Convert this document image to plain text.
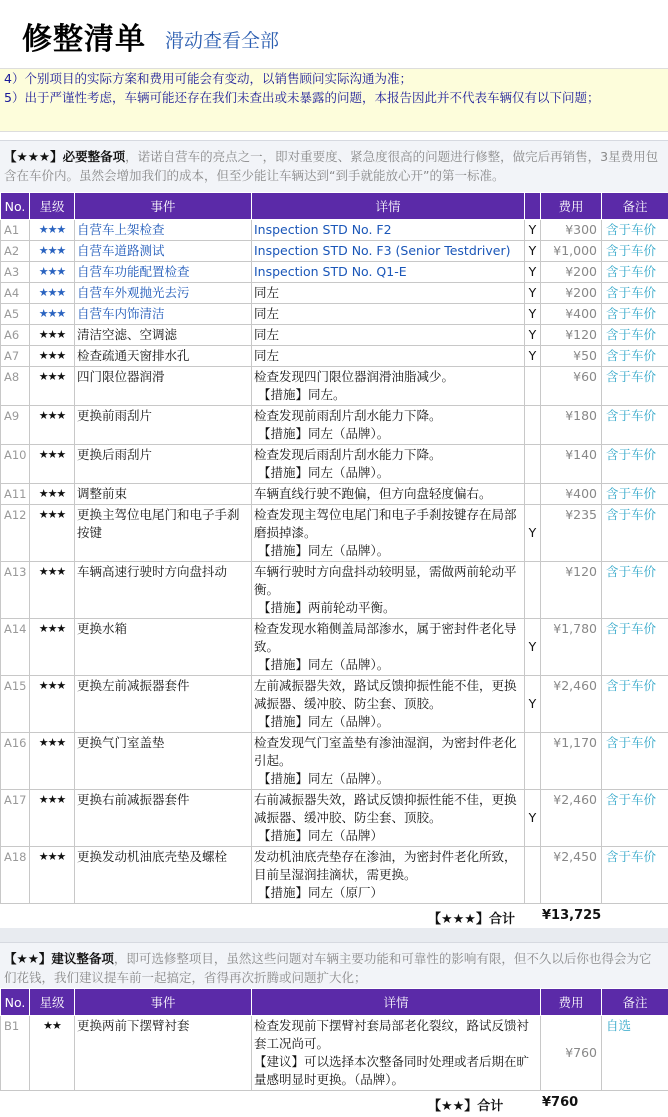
修整清单 滑动查看全部
4）个别项目的实际方案和费用可能会有变动，以销售顾问实际沟通为准；
5）出于严谨性考虑，车辆可能还存在我们未查出或未暴露的问题，本报告因此并不代表车辆仅有以下问题；

【★★★】必要整备项，诺诺自营车的亮点之一，即对重要度、紧急度很高的问题进行修整，做完后再销售，3星费用包含在车价内。虽然会增加我们的成本，但至少能让车辆达到“到手就能放心开”的第一标准。

No.	星级	事件	详情		费用	备注
A1	★★★	自营车上架检查	Inspection STD No. F2	Y	¥300	含于车价
A2	★★★	自营车道路测试	Inspection STD No. F3 (Senior Testdriver)	Y	¥1,000	含于车价
A3	★★★	自营车功能配置检查	Inspection STD No. Q1-E	Y	¥200	含于车价
A4	★★★	自营车外观抛光去污	同左	Y	¥200	含于车价
A5	★★★	自营车内饰清洁	同左	Y	¥400	含于车价
A6	★★★	清洁空滤、空调滤	同左	Y	¥120	含于车价
A7	★★★	检查疏通天窗排水孔	同左	Y	¥50	含于车价
A8	★★★	四门限位器润滑	检查发现四门限位器润滑油脂减少。
【措施】同左。		¥60	含于车价
A9	★★★	更换前雨刮片	检查发现前雨刮片刮水能力下降。
【措施】同左（品牌）。		¥180	含于车价
A10	★★★	更换后雨刮片	检查发现后雨刮片刮水能力下降。
【措施】同左（品牌）。		¥140	含于车价
A11	★★★	调整前束	车辆直线行驶不跑偏，但方向盘轻度偏右。		¥400	含于车价
A12	★★★	更换主驾位电尾门和电子手刹按键	检查发现主驾位电尾门和电子手刹按键存在局部磨损掉漆。
【措施】同左（品牌）。	Y	¥235	含于车价
A13	★★★	车辆高速行驶时方向盘抖动	车辆行驶时方向盘抖动较明显，需做两前轮动平衡。
【措施】两前轮动平衡。		¥120	含于车价
A14	★★★	更换水箱	检查发现水箱侧盖局部渗水，属于密封件老化导致。
【措施】同左（品牌）。	Y	¥1,780	含于车价
A15	★★★	更换左前减振器套件	左前减振器失效，路试反馈抑振性能不佳，更换减振器、缓冲胶、防尘套、顶胶。
【措施】同左（品牌）。	Y	¥2,460	含于车价
A16	★★★	更换气门室盖垫	检查发现气门室盖垫有渗油湿润，为密封件老化引起。
【措施】同左（品牌）。		¥1,170	含于车价
A17	★★★	更换右前减振器套件	右前减振器失效，路试反馈抑振性能不佳，更换减振器、缓冲胶、防尘套、顶胶。
【措施】同左（品牌）	Y	¥2,460	含于车价
A18	★★★	更换发动机油底壳垫及螺栓	发动机油底壳垫存在渗油，为密封件老化所致，目前呈湿润挂滴状，需更换。
【措施】同左（原厂）		¥2,450	含于车价
【★★★】合计 ¥13,725

【★★】建议整备项，即可选修整项目，虽然这些问题对车辆主要功能和可靠性的影响有限，但不久以后你也得会为它们花钱，我们建议提车前一起搞定，省得再次折腾或问题扩大化；

No.	星级	事件	详情	费用	备注
B1	★★	更换两前下摆臂衬套	检查发现前下摆臂衬套局部老化裂纹，路试反馈衬套工况尚可。
【建议】可以选择本次整备同时处理或者后期在旷量感明显时更换。（品牌）。	¥760	自选
【★★】合计	¥760
